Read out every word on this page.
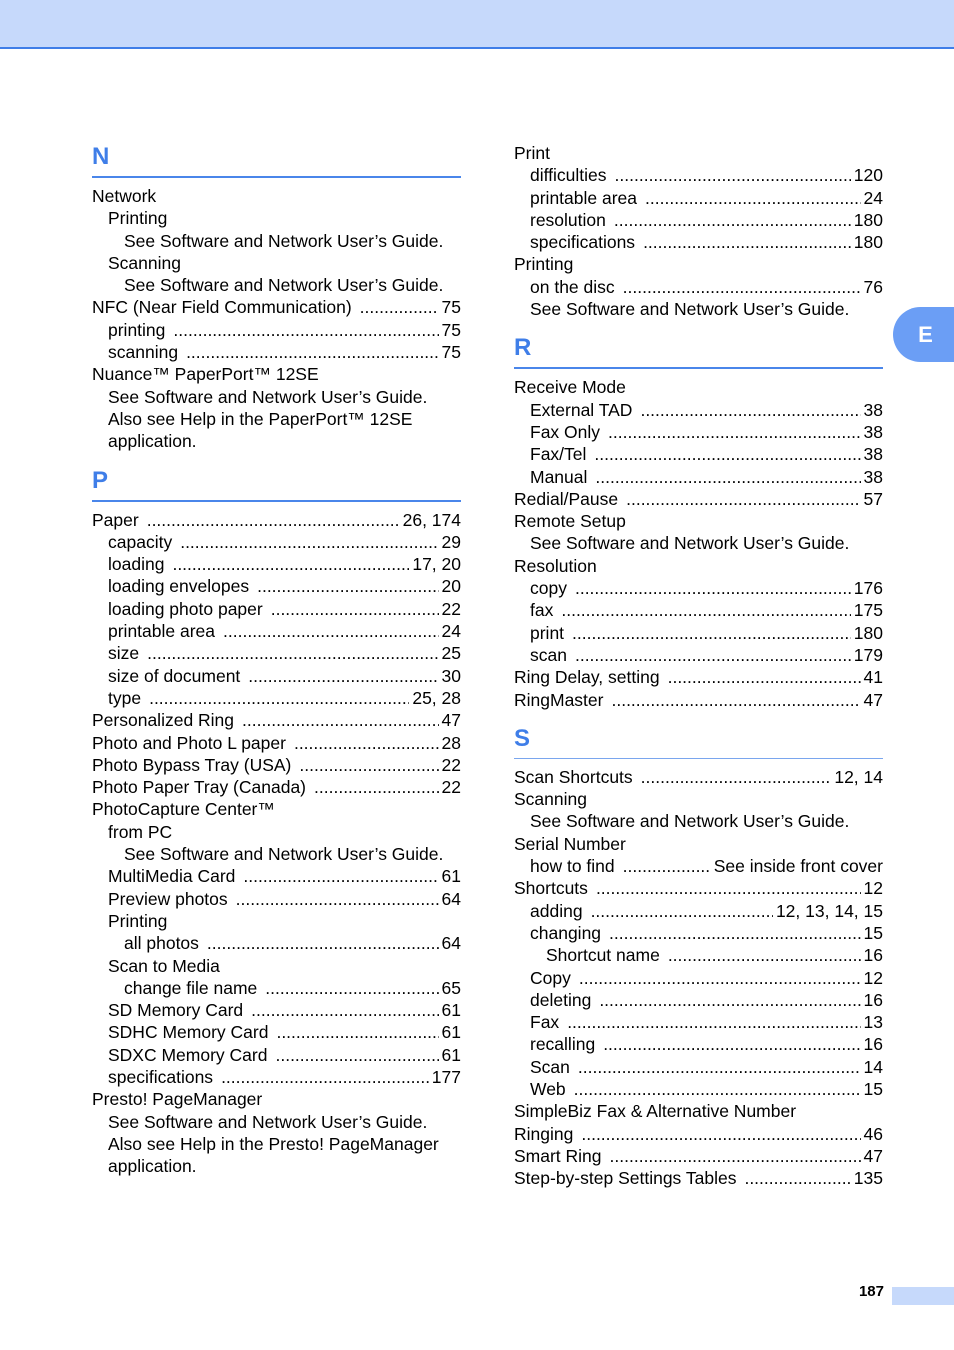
E
N
Network
Printing
See Software and Network User’s Guide.
Scanning
See Software and Network User’s Guide.
NFC (Near Field Communication) .....	75
printing .....	75
scanning .....	75
Nuance™ PaperPort™ 12SE
See Software and Network User’s Guide.
Also see Help in the PaperPort™ 12SE
application.
P
Paper .....	26, 174
capacity .....	29
loading .....	17, 20
loading envelopes .....	20
loading photo paper .....	22
printable area .....	24
size .....	25
size of document .....	30
type .....	25, 28
Personalized Ring .....	47
Photo and Photo L paper .....	28
Photo Bypass Tray (USA) .....	22
Photo Paper Tray (Canada) .....	22
PhotoCapture Center™
from PC
See Software and Network User’s Guide.
MultiMedia Card .....	61
Preview photos .....	64
Printing
all photos .....	64
Scan to Media
change file name .....	65
SD Memory Card .....	61
SDHC Memory Card .....	61
SDXC Memory Card .....	61
specifications .....	177
Presto! PageManager
See Software and Network User’s Guide.
Also see Help in the Presto! PageManager
application.
Print
difficulties .....	120
printable area .....	24
resolution .....	180
specifications .....	180
Printing
on the disc .....	76
See Software and Network User’s Guide.
R
Receive Mode
External TAD .....	38
Fax Only .....	38
Fax/Tel .....	38
Manual .....	38
Redial/Pause .....	57
Remote Setup
See Software and Network User’s Guide.
Resolution
copy .....	176
fax .....	175
print .....	180
scan .....	179
Ring Delay, setting .....	41
RingMaster .....	47
S
Scan Shortcuts .....	12, 14
Scanning
See Software and Network User’s Guide.
Serial Number
how to find .....	See inside front cover
Shortcuts .....	12
adding .....	12, 13, 14, 15
changing .....	15
Shortcut name .....	16
Copy .....	12
deleting .....	16
Fax .....	13
recalling .....	16
Scan .....	14
Web .....	15
SimpleBiz Fax & Alternative Number
Ringing .....	46
Smart Ring .....	47
Step-by-step Settings Tables .....	135
187
